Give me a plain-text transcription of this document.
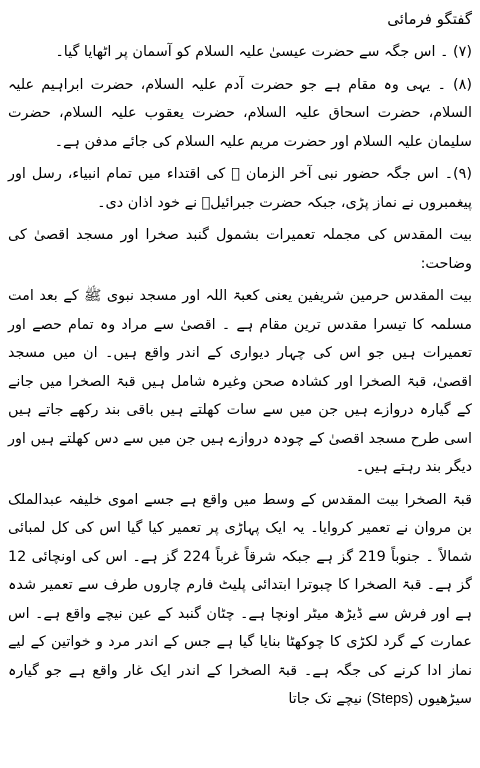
گفتگو فرمائی

(۷) ۔ اس جگہ سے حضرت عیسیٰ علیہ السلام کو آسمان پر اٹھایا گیا۔

(۸) ۔ یہی وہ مقام ہے جو حضرت آدم علیہ السلام، حضرت ابراہیم علیہ السلام، حضرت اسحاق علیہ السلام، حضرت یعقوب علیہ السلام، حضرت سلیمان علیہ السلام اور حضرت مریم علیہ السلام کی جائے مدفن ہے۔

(۹)۔ اس جگہ حضور نبی آخر الزمان ﷺ کی اقتداء میں تمام انبیاء، رسل اور پیغمبروں نے نماز پڑی، جبکہ حضرت جبرائیلؑ نے خود اذان دی۔

بیت المقدس کی مجملہ تعمیرات بشمول گنبد صخرا اور مسجد اقصیٰ کی وضاحت:

بیت المقدس حرمین شریفین یعنی کعبۃ اللہ اور مسجد نبوی ﷺ کے بعد امت مسلمہ کا تیسرا مقدس ترین مقام ہے ۔ اقصیٰ سے مراد وہ تمام حصے اور تعمیرات ہیں جو اس کی چہار دیواری کے اندر واقع ہیں۔ ان میں مسجد اقصیٰ، قبۃ الصخرا اور کشادہ صحن وغیرہ شامل ہیں قبۃ الصخرا میں جانے کے گیارہ دروازے ہیں جن میں سے سات کھلتے ہیں باقی بند رکھے جاتے ہیں اسی طرح مسجد اقصیٰ کے چودہ دروازے ہیں جن میں سے دس کھلتے ہیں اور دیگر بند رہتے ہیں۔

قبۃ الصخرا بیت المقدس کے وسط میں واقع ہے جسے اموی خلیفہ عبدالملک بن مروان نے تعمیر کروایا۔ یہ ایک پہاڑی پر تعمیر کیا گیا اس کی کل لمبائی شمالاً ۔ جنوباً 219 گز ہے جبکہ شرقاً غرباً 224 گز ہے۔ اس کی اونچائی 12 گز ہے۔ قبۃ الصخرا کا چبوترا ابتدائی پلیٹ فارم چاروں طرف سے تعمیر شدہ ہے اور فرش سے ڈیڑھ میٹر اونچا ہے۔ چٹان گنبد کے عین نیچے واقع ہے۔ اس عمارت کے گرد لکڑی کا چوکھٹا بنایا گیا ہے جس کے اندر مرد و خواتین کے لیے نماز ادا کرنے کی جگہ ہے۔ قبۃ الصخرا کے اندر ایک غار واقع ہے جو گیارہ سیڑھیوں (Steps) نیچے تک جاتا
